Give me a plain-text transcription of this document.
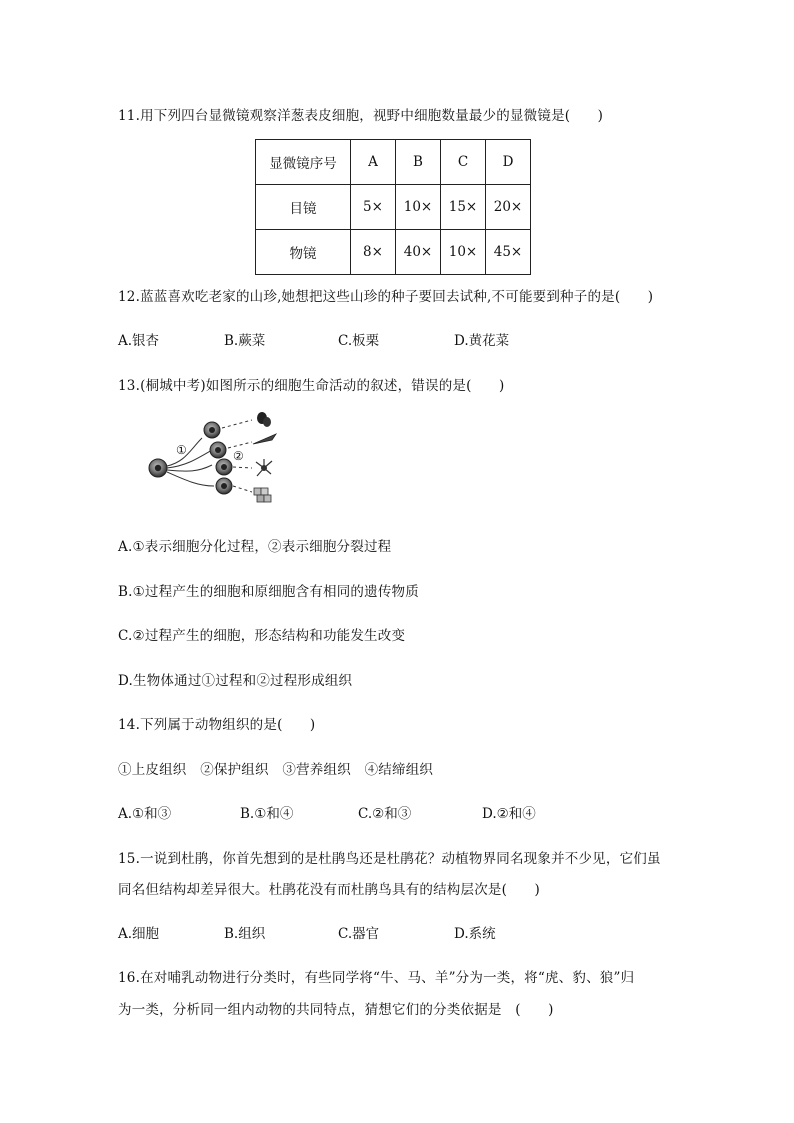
11.用下列四台显微镜观察洋葱表皮细胞，视野中细胞数量最少的显微镜是(　　)
显微镜序号	A	B	C	D
目镜	5×	10×	15×	20×
物镜	8×	40×	10×	45×
12.蓝蓝喜欢吃老家的山珍,她想把这些山珍的种子要回去试种,不可能要到种子的是(　　)
A.银杏	B.蕨菜	C.板栗	D.黄花菜
13.(桐城中考)如图所示的细胞生命活动的叙述，错误的是(　　)
①	②
A.①表示细胞分化过程，②表示细胞分裂过程
B.①过程产生的细胞和原细胞含有相同的遗传物质
C.②过程产生的细胞，形态结构和功能发生改变
D.生物体通过①过程和②过程形成组织
14.下列属于动物组织的是(　　)
①上皮组织　②保护组织　③营养组织　④结缔组织
A.①和③	B.①和④	C.②和③	D.②和④
15.一说到杜鹃，你首先想到的是杜鹃鸟还是杜鹃花？动植物界同名现象并不少见，它们虽
同名但结构却差异很大。杜鹃花没有而杜鹃鸟具有的结构层次是(　　)
A.细胞	B.组织	C.器官	D.系统
16.在对哺乳动物进行分类时，有些同学将“牛、马、羊”分为一类，将“虎、豹、狼”归
为一类，分析同一组内动物的共同特点，猜想它们的分类依据是　(　　)
